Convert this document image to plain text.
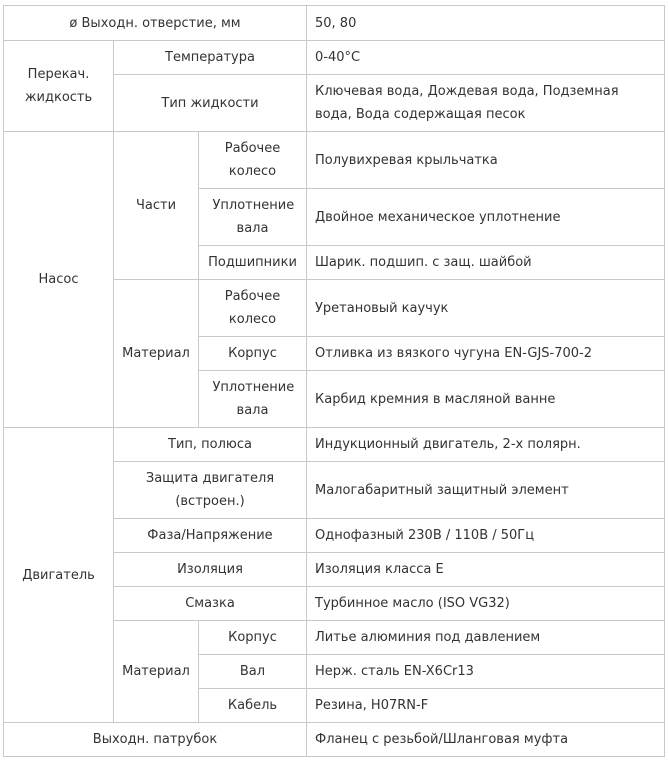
ø Выходн. отверстие, мм			50, 80
Перекач. жидкость	Температура		0-40°C
	Тип жидкости		Ключевая вода, Дождевая вода, Подземная вода, Вода содержащая песок
Насос	Части	Рабочее колесо	Полувихревая крыльчатка
		Уплотнение вала	Двойное механическое уплотнение
		Подшипники	Шарик. подшип. с защ. шайбой
	Материал	Рабочее колесо	Уретановый каучук
		Корпус	Отливка из вязкого чугуна EN-GJS-700-2
		Уплотнение вала	Карбид кремния в масляной ванне
Двигатель	Тип, полюса		Индукционный двигатель, 2-х полярн.
	Защита двигателя (встроен.)		Малогабаритный защитный элемент
	Фаза/Напряжение		Однофазный 230В / 110В / 50Гц
	Изоляция		Изоляция класса Е
	Смазка		Турбинное масло (ISO VG32)
	Материал	Корпус	Литье алюминия под давлением
		Вал	Нерж. сталь EN-X6Cr13
		Кабель	Резина, H07RN-F
Выходн. патрубок			Фланец с резьбой/Шланговая муфта
